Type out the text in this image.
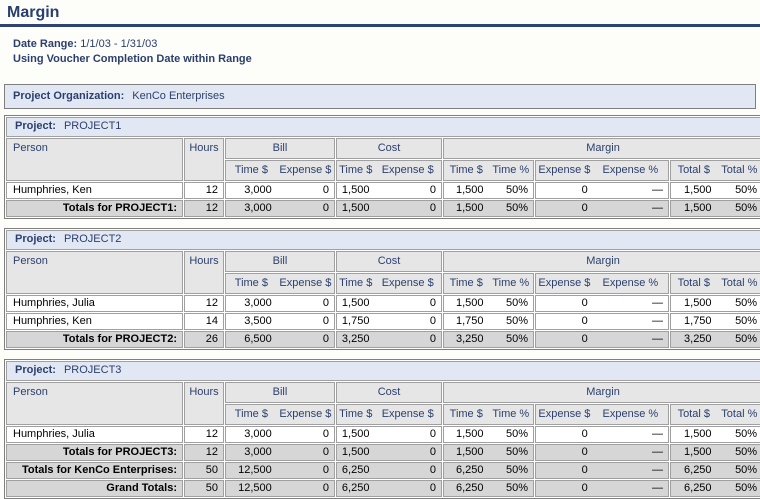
Margin
Date Range: 1/1/03 - 1/31/03
Using Voucher Completion Date within Range
Project Organization: KenCo Enterprises
Project: PROJECT1						
Person	Hours	Bill	Cost	Margin		

		Time $ Expense $	Time $ Expense $	Time $ Time %	Expense $ Expense %	Total $ Total %

Humphries, Ken	12	3,000 0	1,500 0	1,500 50%	0 —	1,500 50%

Totals for PROJECT1:	12	3,000 0	1,500 0	1,500 50%	0 —	1,500 50%
Project: PROJECT2						
Person	Hours	Bill	Cost	Margin		

		Time $ Expense $	Time $ Expense $	Time $ Time %	Expense $ Expense %	Total $ Total %

Humphries, Julia	12	3,000 0	1,500 0	1,500 50%	0 —	1,500 50%

Humphries, Ken	14	3,500 0	1,750 0	1,750 50%	0 —	1,750 50%

Totals for PROJECT2:	26	6,500 0	3,250 0	3,250 50%	0 —	3,250 50%
Project: PROJECT3						
Person	Hours	Bill	Cost	Margin		

		Time $ Expense $	Time $ Expense $	Time $ Time %	Expense $ Expense %	Total $ Total %

Humphries, Julia	12	3,000 0	1,500 0	1,500 50%	0 —	1,500 50%

Totals for PROJECT3:	12	3,000 0	1,500 0	1,500 50%	0 —	1,500 50%

Totals for KenCo Enterprises:	50	12,500 0	6,250 0	6,250 50%	0 —	6,250 50%

Grand Totals:	50	12,500 0	6,250 0	6,250 50%	0 —	6,250 50%
